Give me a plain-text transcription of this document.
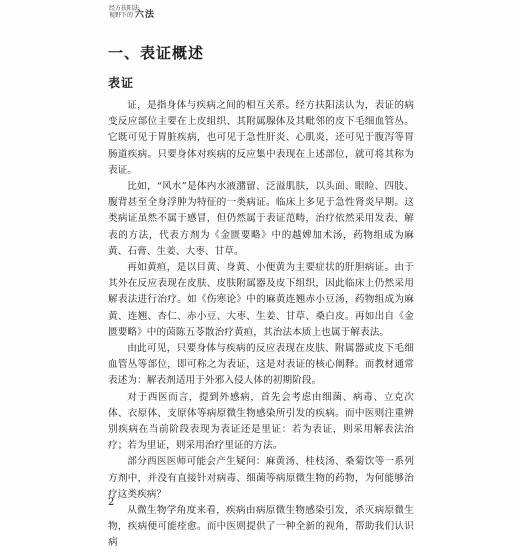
经方扶阳法
视野下的 六法
一、表证概述
表证

证，是指身体与疾病之间的相互关系。经方扶阳法认为，表证的病变反应部位主要在上皮组织、其附属腺体及其毗邻的皮下毛细血管丛。它既可见于胃脏疾病，也可见于急性肝炎、心肌炎，还可见于腹泻等胃肠道疾病。只要身体对疾病的反应集中表现在上述部位，就可将其称为表证。

比如，“风水”是体内水液潴留、泛溢肌肤，以头面、眼睑、四肢、腹背甚至全身浮肿为特征的一类病证。临床上多见于急性肾炎早期。这类病证虽然不属于感冒，但仍然属于表证范畴，治疗依然采用发表、解表的方法，代表方剂为《金匮要略》中的越婢加术汤，药物组成为麻黄、石膏、生姜、大枣、甘草。

再如黄疸，是以目黄、身黄、小便黄为主要症状的肝胆病证。由于其外在反应表现在皮肤、皮肤附属器及皮下组织，因此临床上仍然采用解表法进行治疗。如《伤寒论》中的麻黄连翘赤小豆汤，药物组成为麻黄、连翘、杏仁、赤小豆、大枣、生姜、甘草、桑白皮。再如出自《金匮要略》中的茵陈五苓散治疗黄疸，其治法本质上也属于解表法。

由此可见，只要身体与疾病的反应表现在皮肤、附属器或皮下毛细血管丛等部位，即可称之为表证，这是对表证的核心阐释。而教材通常表述为：解表剂适用于外邪入侵人体的初期阶段。

对于西医而言，提到外感病，首先会考虑由细菌、病毒、立克次体、衣原体、支原体等病原微生物感染所引发的疾病。而中医则注重辨别疾病在当前阶段表现为表证还是里证：若为表证，则采用解表法治疗；若为里证，则采用治疗里证的方法。

部分西医医师可能会产生疑问：麻黄汤、桂枝汤、桑菊饮等一系列方剂中，并没有直接针对病毒、细菌等病原微生物的药物，为何能够治疗这类疾病？

从微生物学角度来看，疾病由病原微生物感染引发，杀灭病原微生物，疾病便可能痊愈。而中医则提供了一种全新的视角，帮助我们认识病

2
